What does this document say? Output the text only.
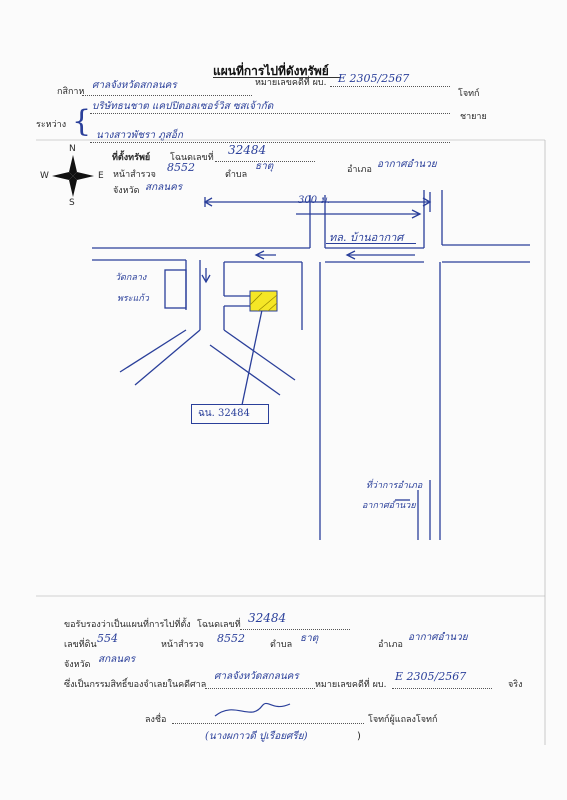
แผนที่การไปที่ดังทรัพย์
กสิกาห
ศาลจังหวัดสกลนคร	หมายเลขคดีที่ ผบ. E 2305/2567
โจทก์
ระหว่าง { บริษัทธนชาต แคปปิตอลเซอร์วิส ซสเจ้ากัด
นางสาวพัชรา ภูสอ็ก
ชายาย
ที่ตั้งทรัพย์ โฉนดเลขที่
32484
หน้าสำรวจ
8552
ตำบล
ธาตุ	อำเภอ อากาศอำนวย
จังหวัด สกลนคร
N
S
W	E
300 ม.
ทล. บ้านอากาศ
วัดกลาง
พระแก้ว
ฉน. 32484
ที่ว่าการอำเภอ
อากาศอำนวย
ขอรับรองว่าเป็นแผนที่การไปที่ตั้ง โฉนดเลขที่ 32484
เลขที่ดิน 554	หน้าสำรวจ 8552	ตำบล
ธาตุ
อำเภอ
อากาศอำนวย
จังหวัด สกลนคร
ซึ่งเป็นกรรมสิทธิ์ของจำเลยในคดีศาล
ศาลจังหวัดสกลนคร
หมายเลขคดีที่ ผบ.
E 2305/2567
จริง
ลงชื่อ	โจทก์ผู้แถลงโจทก์
(นางผกาวดี ปูเรือยศรีย)	)
